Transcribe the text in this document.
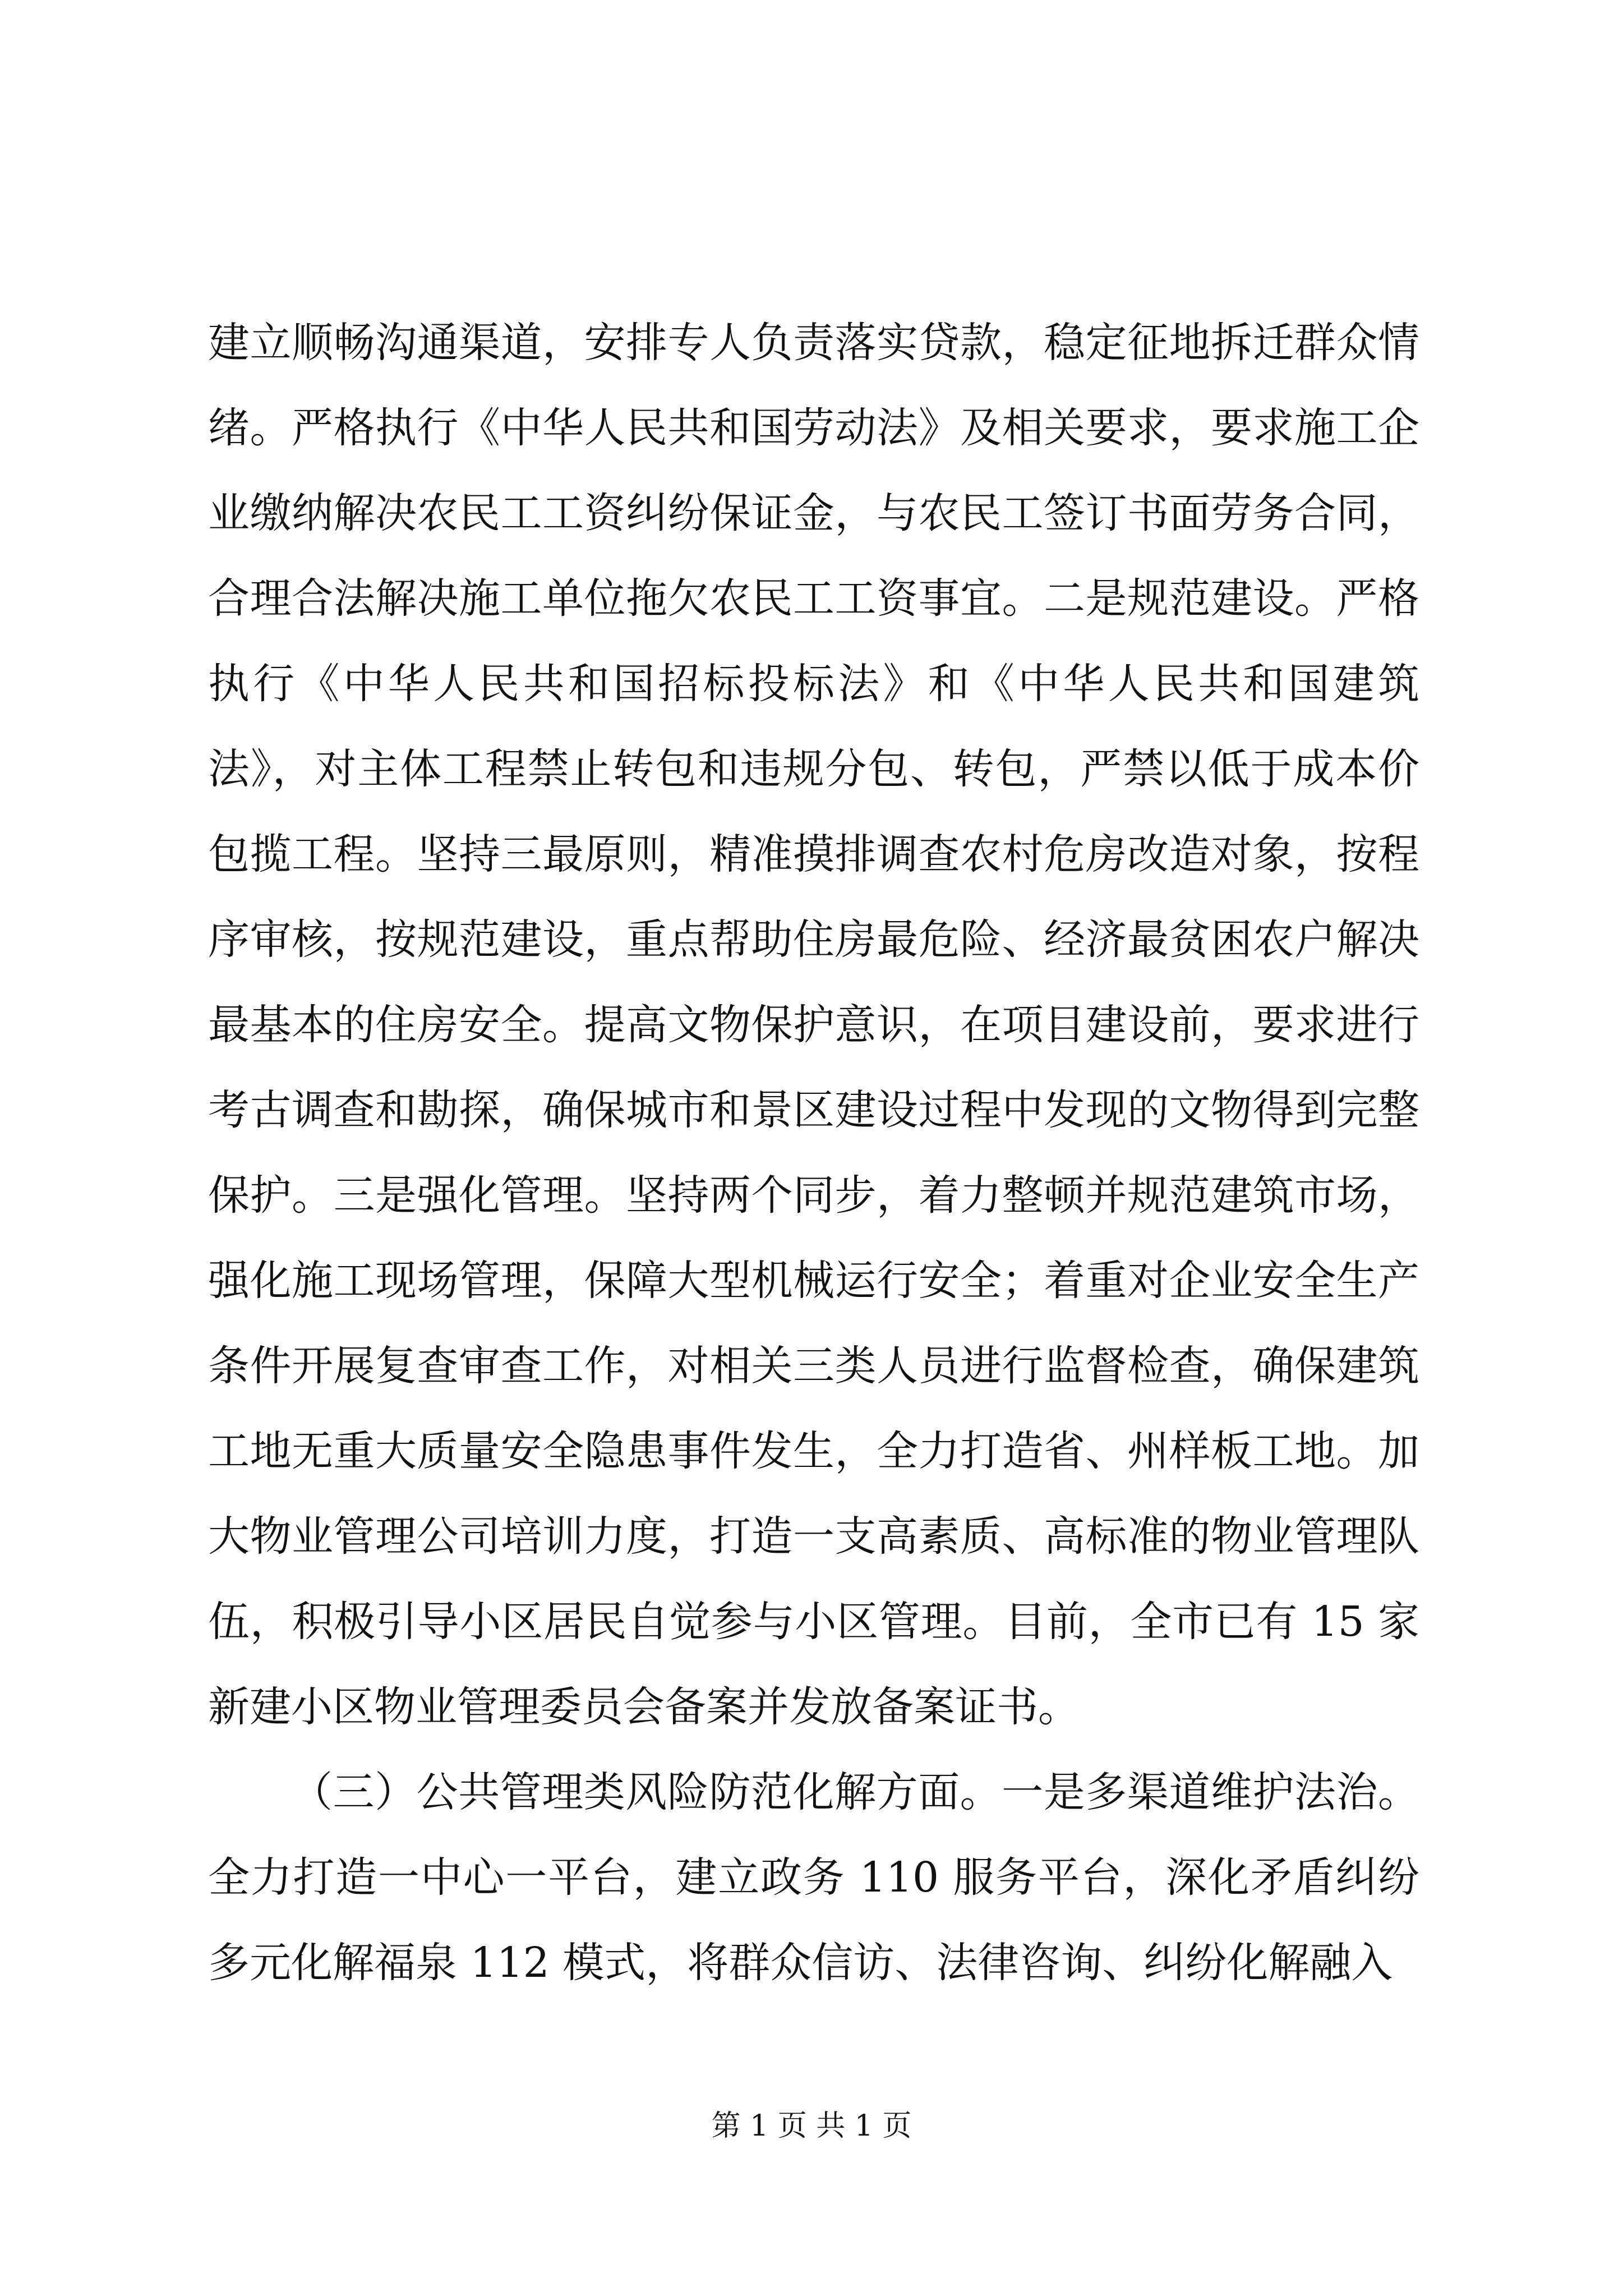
建立顺畅沟通渠道，安排专人负责落实贷款，稳定征地拆迁群众情绪。严格执行《中华人民共和国劳动法》及相关要求，要求施工企业缴纳解决农民工工资纠纷保证金，与农民工签订书面劳务合同，合理合法解决施工单位拖欠农民工工资事宜。二是规范建设。严格执行《中华人民共和国招标投标法》和《中华人民共和国建筑法》，对主体工程禁止转包和违规分包、转包，严禁以低于成本价包揽工程。坚持三最原则，精准摸排调查农村危房改造对象，按程序审核，按规范建设，重点帮助住房最危险、经济最贫困农户解决最基本的住房安全。提高文物保护意识，在项目建设前，要求进行考古调查和勘探，确保城市和景区建设过程中发现的文物得到完整保护。三是强化管理。坚持两个同步，着力整顿并规范建筑市场，强化施工现场管理，保障大型机械运行安全；着重对企业安全生产条件开展复查审查工作，对相关三类人员进行监督检查，确保建筑工地无重大质量安全隐患事件发生，全力打造省、州样板工地。加大物业管理公司培训力度，打造一支高素质、高标准的物业管理队伍，积极引导小区居民自觉参与小区管理。目前，全市已有 15 家新建小区物业管理委员会备案并发放备案证书。

（三）公共管理类风险防范化解方面。一是多渠道维护法治。全力打造一中心一平台，建立政务 110 服务平台，深化矛盾纠纷多元化解福泉 112 模式，将群众信访、法律咨询、纠纷化解融入

第 1 页 共 1 页
